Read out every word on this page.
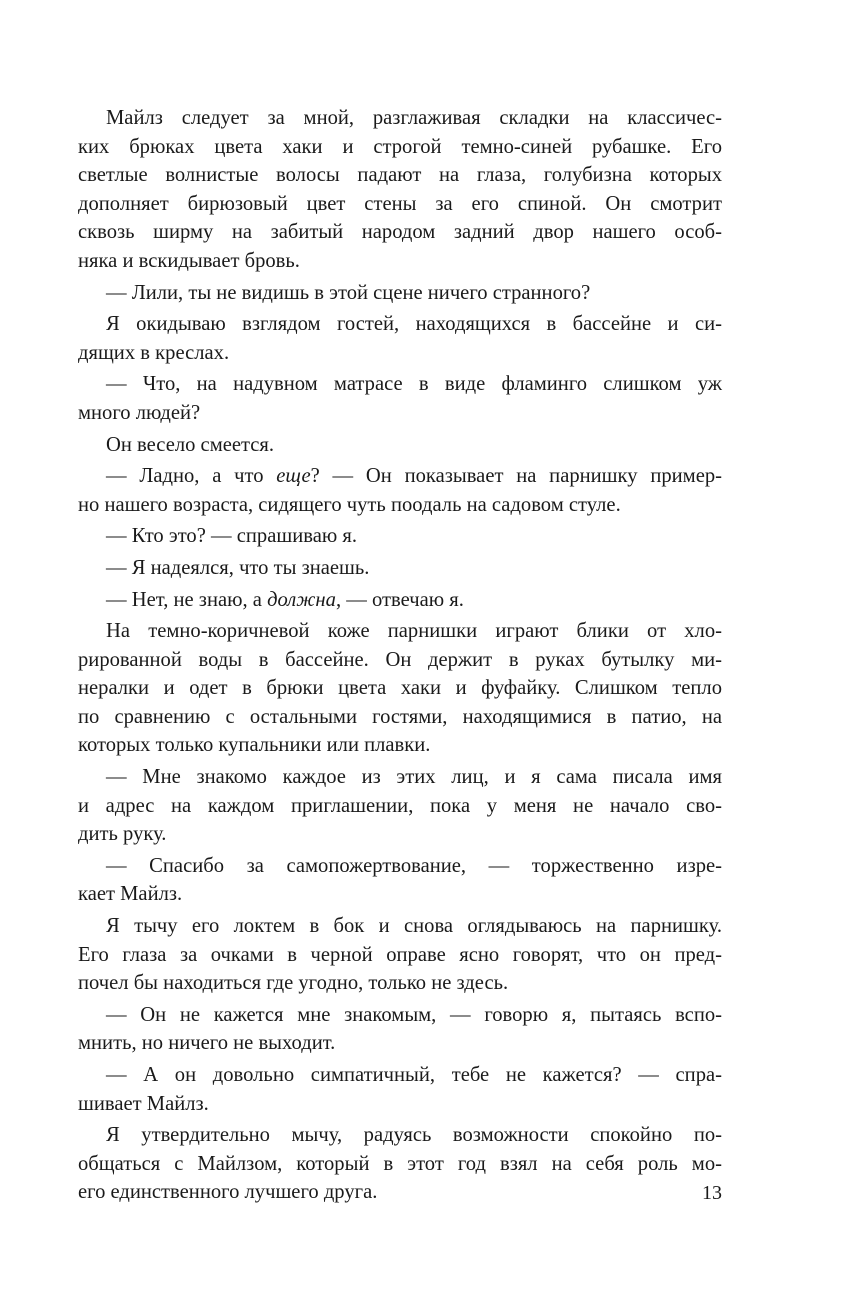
Майлз следует за мной, разглаживая складки на классичес-
ких брюках цвета хаки и строгой темно-синей рубашке. Его
светлые волнистые волосы падают на глаза, голубизна которых
дополняет бирюзовый цвет стены за его спиной. Он смотрит
сквозь ширму на забитый народом задний двор нашего особ-
няка и вскидывает бровь.
— Лили, ты не видишь в этой сцене ничего странного?
Я окидываю взглядом гостей, находящихся в бассейне и си-
дящих в креслах.
— Что, на надувном матрасе в виде фламинго слишком уж
много людей?
Он весело смеется.
— Ладно, а что еще? — Он показывает на парнишку пример-
но нашего возраста, сидящего чуть поодаль на садовом стуле.
— Кто это? — спрашиваю я.
— Я надеялся, что ты знаешь.
— Нет, не знаю, а должна, — отвечаю я.
На темно-коричневой коже парнишки играют блики от хло-
рированной воды в бассейне. Он держит в руках бутылку ми-
нералки и одет в брюки цвета хаки и фуфайку. Слишком тепло
по сравнению с остальными гостями, находящимися в патио, на
которых только купальники или плавки.
— Мне знакомо каждое из этих лиц, и я сама писала имя
и адрес на каждом приглашении, пока у меня не начало сво-
дить руку.
— Спасибо за самопожертвование, — торжественно изре-
кает Майлз.
Я тычу его локтем в бок и снова оглядываюсь на парнишку.
Его глаза за очками в черной оправе ясно говорят, что он пред-
почел бы находиться где угодно, только не здесь.
— Он не кажется мне знакомым, — говорю я, пытаясь вспо-
мнить, но ничего не выходит.
— А он довольно симпатичный, тебе не кажется? — спра-
шивает Майлз.
Я утвердительно мычу, радуясь возможности спокойно по-
общаться с Майлзом, который в этот год взял на себя роль мо-
его единственного лучшего друга.	13
